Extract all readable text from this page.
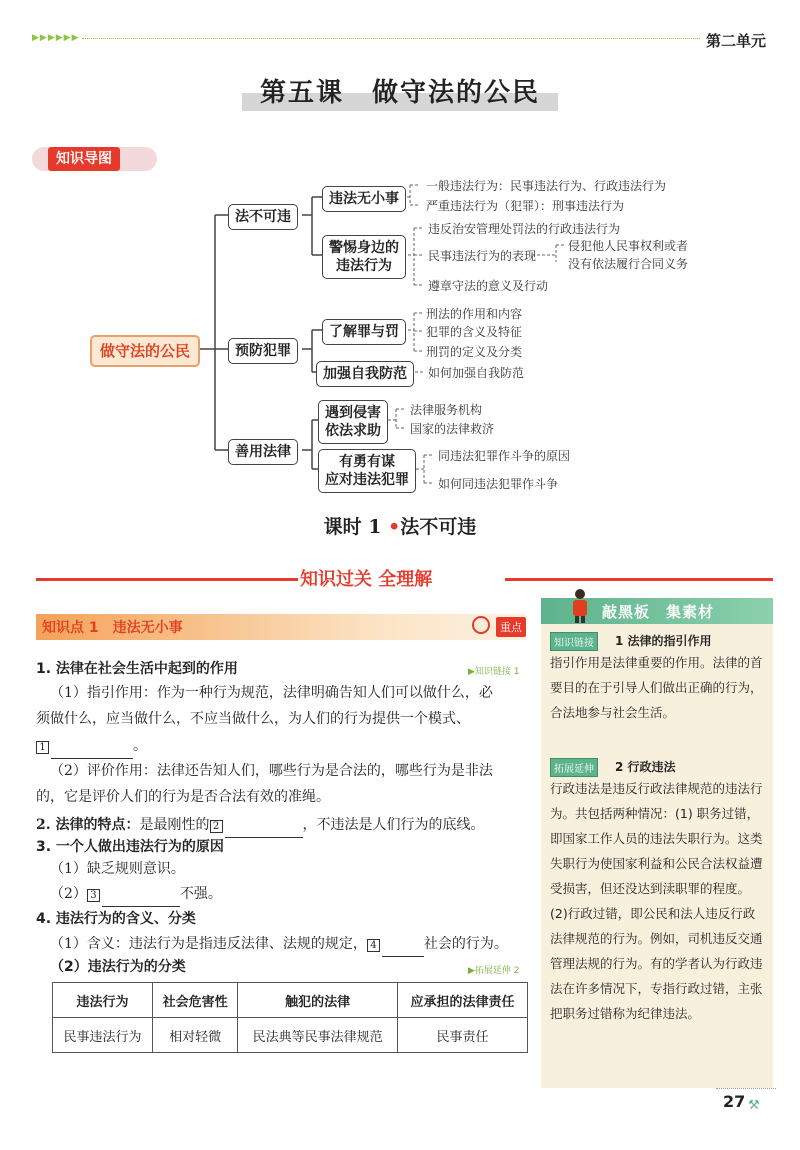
▶▶▶▶▶▶	第二单元
第五课　做守法的公民
知识导图
做守法的公民
法不可违
预防犯罪
善用法律
违法无小事
警惕身边的
违法行为
了解罪与罚
加强自我防范
遇到侵害
依法求助
有勇有谋
应对违法犯罪
一般违法行为：民事违法行为、行政违法行为
严重违法行为（犯罪）：刑事违法行为
违反治安管理处罚法的行政违法行为
民事违法行为的表现
侵犯他人民事权利或者
没有依法履行合同义务
遵章守法的意义及行动
刑法的作用和内容
犯罪的含义及特征
刑罚的定义及分类
如何加强自我防范
法律服务机构
国家的法律救济
同违法犯罪作斗争的原因
如何同违法犯罪作斗争
课时 1 •法不可违
知识过关 全理解
知识点 1　违法无小事	重点
1. 法律在社会生活中起到的作用	▶知识链接 1
（1）指引作用：作为一种行为规范，法律明确告知人们可以做什么，必
须做什么，应当做什么，不应当做什么，为人们的行为提供一个模式、
1	。
（2）评价作用：法律还告知人们，哪些行为是合法的，哪些行为是非法
的，它是评价人们的行为是否合法有效的准绳。
2. 法律的特点：是最刚性的 2	，不违法是人们行为的底线。
3. 一个人做出违法行为的原因
（1）缺乏规则意识。
（2） 3	不强。
4. 违法行为的含义、分类
（1）含义：违法行为是指违反法律、法规的规定， 4	社会的行为。
（2）违法行为的分类	▶拓展延伸 2
违法行为	社会危害性	触犯的法律	应承担的法律责任
民事违法行为	相对轻微	民法典等民事法律规范	民事责任
敲黑板　集素材
知识链接	1 法律的指引作用
指引作用是法律重要的作用。法律的首要目的在于引导人们做出正确的行为，合法地参与社会生活。
拓展延伸	2 行政违法
行政违法是违反行政法律规范的违法行为。共包括两种情况：(1) 职务过错，即国家工作人员的违法失职行为。这类失职行为使国家利益和公民合法权益遭受损害，但还没达到渎职罪的程度。(2)行政过错，即公民和法人违反行政法律规范的行为。例如，司机违反交通管理法规的行为。有的学者认为行政违法在许多情况下，专指行政过错，主张把职务过错称为纪律违法。
27 ⚒
